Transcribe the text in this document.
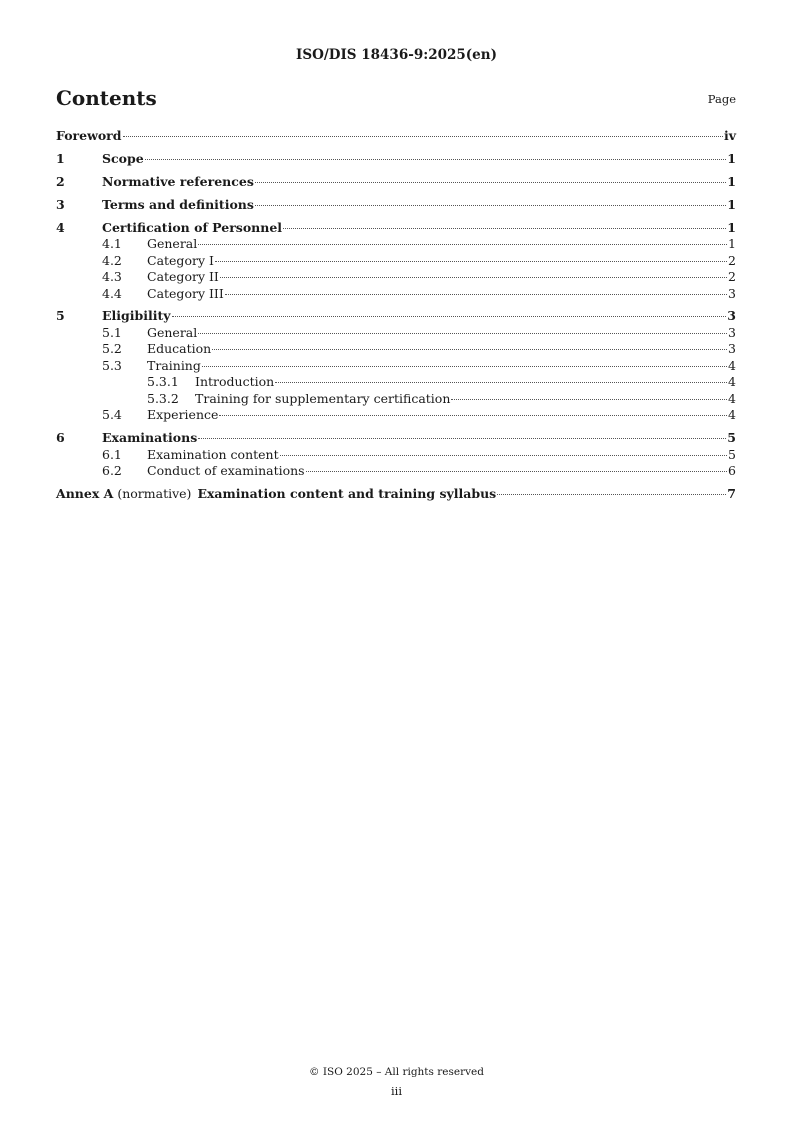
ISO/DIS 18436-9:2025(en)
Contents	Page
Foreword	iv
1	Scope	1
2	Normative references	1
3	Terms and definitions	1
4	Certification of Personnel	1
4.1	General	1
4.2	Category I	2
4.3	Category II	2
4.4	Category III	3
5	Eligibility	3
5.1	General	3
5.2	Education	3
5.3	Training	4
5.3.1	Introduction	4
5.3.2	Training for supplementary certification	4
5.4	Experience	4
6	Examinations	5
6.1	Examination content	5
6.2	Conduct of examinations	6
Annex A (normative) Examination content and training syllabus	7
© ISO 2025 – All rights reserved
iii
